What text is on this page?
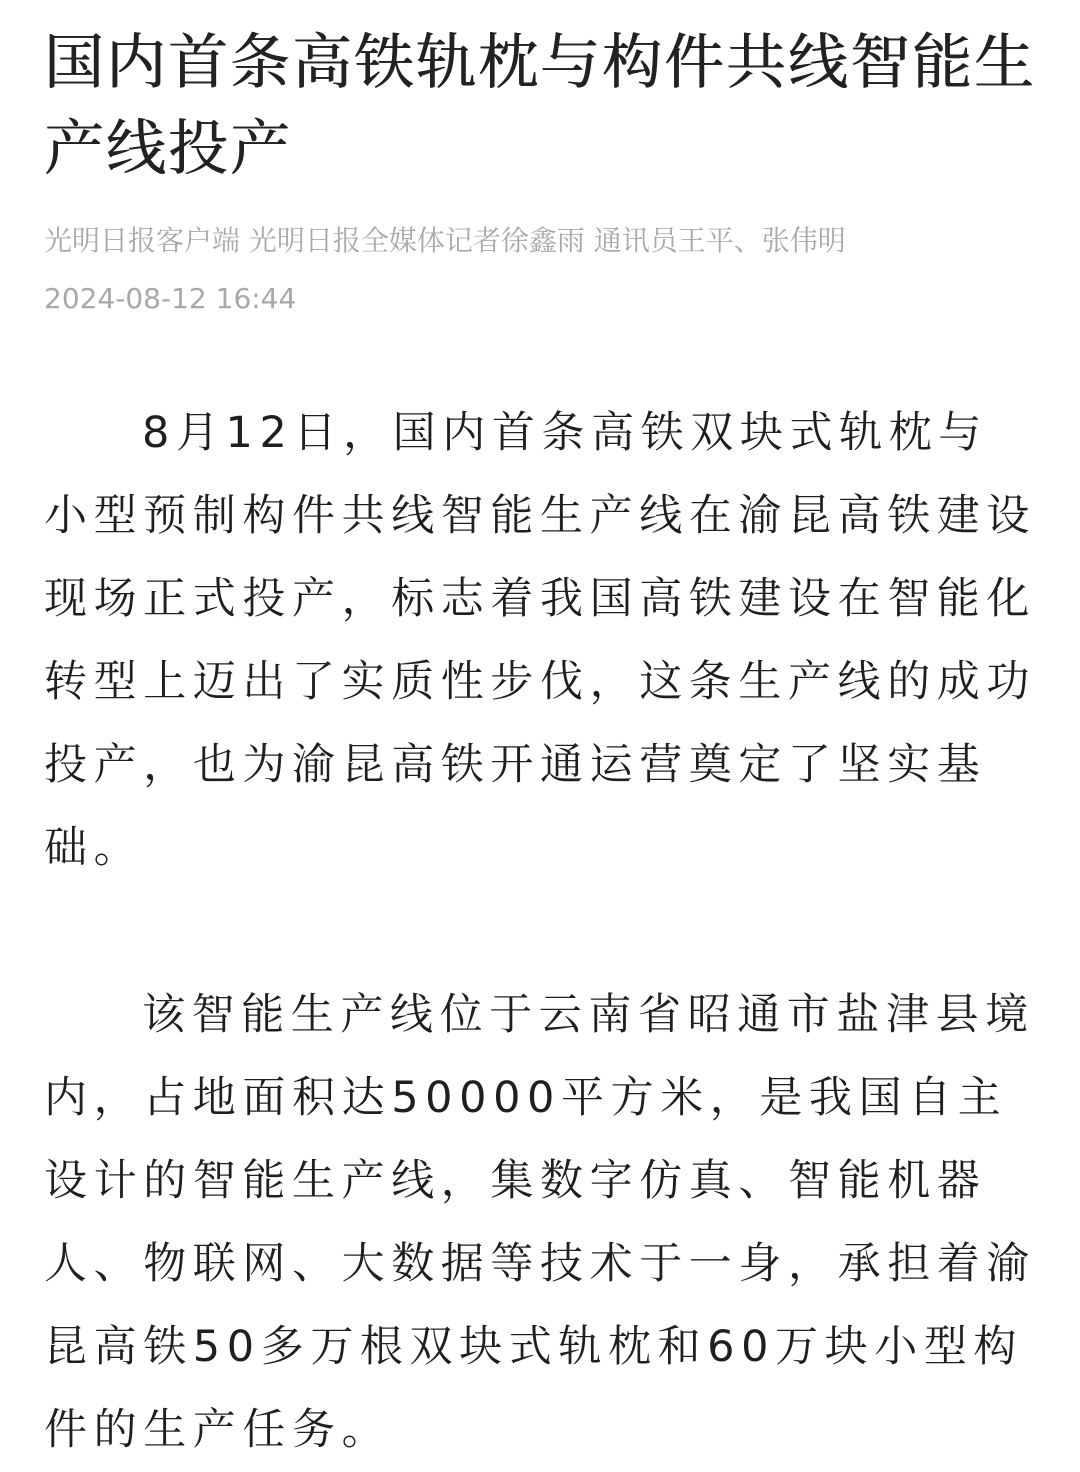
国内首条高铁轨枕与构件共线智能生产线投产
光明日报客户端 光明日报全媒体记者徐鑫雨 通讯员王平、张伟明
2024-08-12 16:44

8月12日，国内首条高铁双块式轨枕与小型预制构件共线智能生产线在渝昆高铁建设现场正式投产，标志着我国高铁建设在智能化转型上迈出了实质性步伐，这条生产线的成功投产，也为渝昆高铁开通运营奠定了坚实基础。

该智能生产线位于云南省昭通市盐津县境内，占地面积达50000平方米，是我国自主设计的智能生产线，集数字仿真、智能机器人、物联网、大数据等技术于一身，承担着渝昆高铁50多万根双块式轨枕和60万块小型构件的生产任务。
